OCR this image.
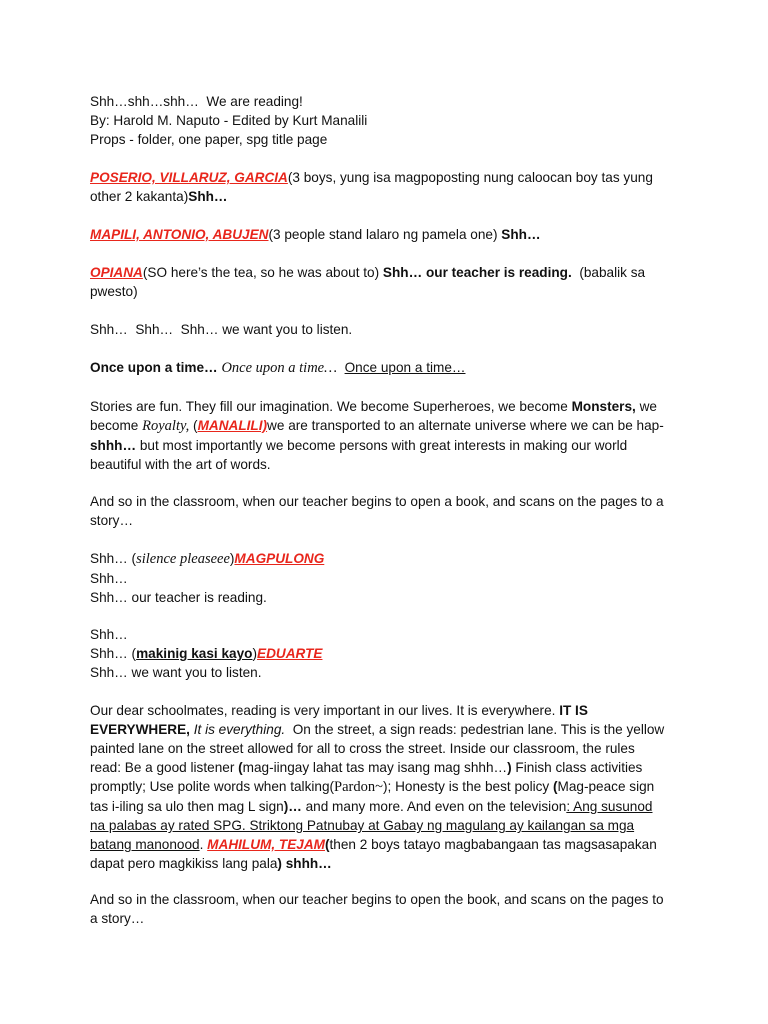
Shh…shh…shh…  We are reading!
By: Harold M. Naputo - Edited by Kurt Manalili
Props - folder, one paper, spg title page
POSERIO, VILLARUZ, GARCIA(3 boys, yung isa magpoposting nung caloocan boy tas yung
other 2 kakanta)Shh…
MAPILI, ANTONIO, ABUJEN(3 people stand lalaro ng pamela one) Shh…
OPIANA(SO here’s the tea, so he was about to) Shh… our teacher is reading.  (babalik sa
pwesto)
Shh…  Shh…  Shh… we want you to listen.
Once upon a time… Once upon a time… Once upon a time…
Stories are fun. They fill our imagination. We become Superheroes, we become Monsters, we
become Royalty, (MANALILI)we are transported to an alternate universe where we can be hap-
shhh… but most importantly we become persons with great interests in making our world
beautiful with the art of words.
And so in the classroom, when our teacher begins to open a book, and scans on the pages to a
story…
Shh… (silence pleaseee)MAGPULONG
Shh…
Shh… our teacher is reading.
Shh…
Shh… (makinig kasi kayo)EDUARTE
Shh… we want you to listen.
Our dear schoolmates, reading is very important in our lives. It is everywhere. IT IS
EVERYWHERE, It is everything.  On the street, a sign reads: pedestrian lane. This is the yellow
painted lane on the street allowed for all to cross the street. Inside our classroom, the rules
read: Be a good listener (mag-iingay lahat tas may isang mag shhh…) Finish class activities
promptly; Use polite words when talking(Pardon~); Honesty is the best policy (Mag-peace sign
tas i-iling sa ulo then mag L sign)… and many more. And even on the television: Ang susunod
na palabas ay rated SPG. Striktong Patnubay at Gabay ng magulang ay kailangan sa mga
batang manonood. MAHILUM, TEJAM(then 2 boys tatayo magbabangaan tas magsasapakan
dapat pero magkikiss lang pala) shhh…
And so in the classroom, when our teacher begins to open the book, and scans on the pages to
a story…
